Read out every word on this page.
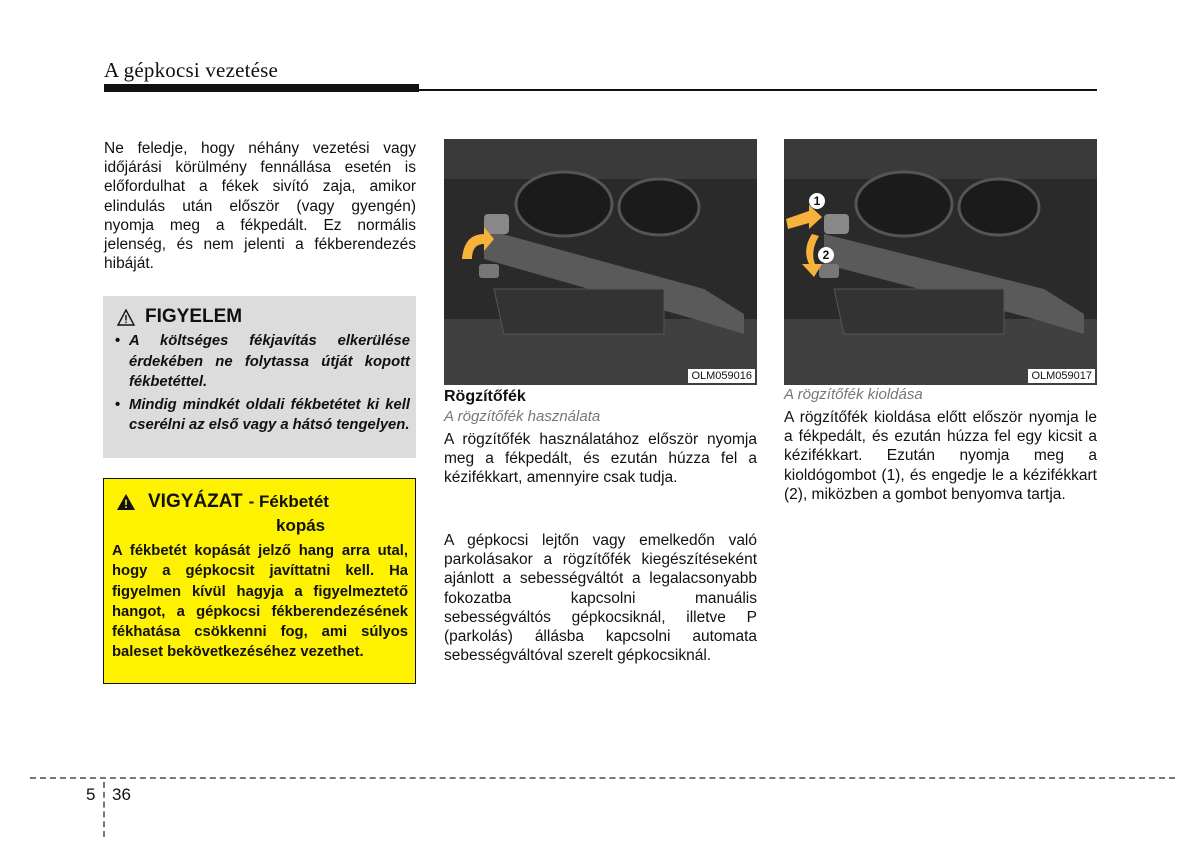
A gépkocsi vezetése
Ne feledje, hogy néhány vezetési vagy időjárási körülmény fennállása esetén is előfordulhat a fékek sivító zaja, amikor elindulás után először (vagy gyengén) nyomja meg a fékpedált. Ez normális jelenség, és nem jelenti a fékberendezés hibáját.
FIGYELEM
• A költséges fékjavítás elkerülése érdekében ne folytassa útját kopott fékbetéttel.
• Mindig mindkét oldali fékbetétet ki kell cserélni az első vagy a hátsó tengelyen.
VIGYÁZAT - Fékbetét
kopás
A fékbetét kopását jelző hang arra utal, hogy a gépkocsit javíttatni kell. Ha figyelmen kívül hagyja a figyelmeztető hangot, a gépkocsi fékberendezésének fékhatása csökkenni fog, ami súlyos baleset bekövetkezéséhez vezethet.
OLM059016
1
2
OLM059017
Rögzítőfék
A rögzítőfék használata
A rögzítőfék használatához először nyomja meg a fékpedált, és ezután húzza fel a kézifékkart, amennyire csak tudja.
A gépkocsi lejtőn vagy emelkedőn való parkolásakor a rögzítőfék kiegészítéseként ajánlott a sebességváltót a legalacsonyabb fokozatba kapcsolni manuális sebességváltós gépkocsiknál, illetve P (parkolás) állásba kapcsolni automata sebességváltóval szerelt gépkocsiknál.
A rögzítőfék kioldása
A rögzítőfék kioldása előtt először nyomja le a fékpedált, és ezután húzza fel egy kicsit a kézifékkart. Ezután nyomja meg a kioldógombot (1), és engedje le a kézifékkart (2), miközben a gombot benyomva tartja.
5 36
